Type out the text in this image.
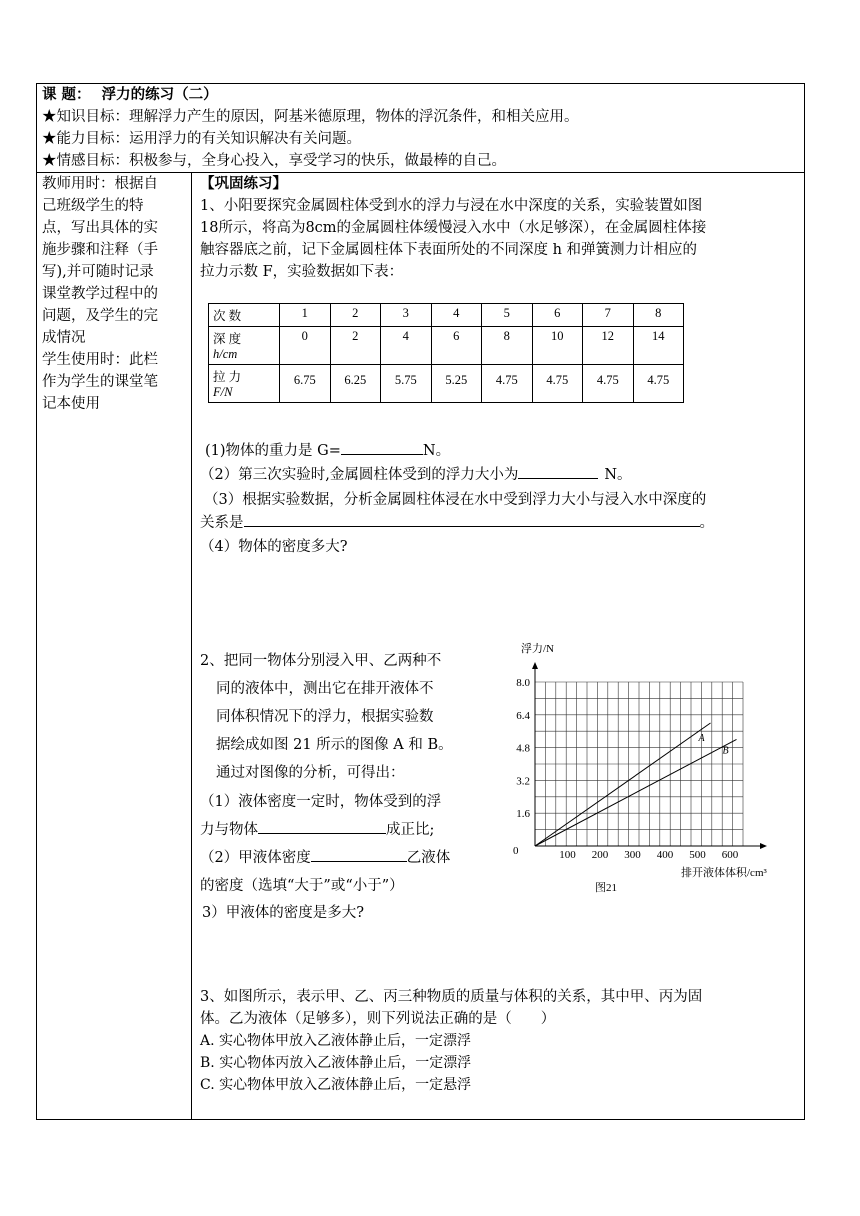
课 题： 浮力的练习（二）
★知识目标：理解浮力产生的原因，阿基米德原理，物体的浮沉条件，和相关应用。
★能力目标：运用浮力的有关知识解决有关问题。
★情感目标：积极参与，全身心投入，享受学习的快乐，做最棒的自己。
教师用时：根据自
己班级学生的特
点，写出具体的实
施步骤和注释（手
写),并可随时记录
课堂教学过程中的
问题，及学生的完
成情况
学生使用时：此栏
作为学生的课堂笔
记本使用
【巩固练习】
1、小阳要探究金属圆柱体受到水的浮力与浸在水中深度的关系，实验装置如图
18所示，将高为8cm的金属圆柱体缓慢浸入水中（水足够深），在金属圆柱体接
触容器底之前，记下金属圆柱体下表面所处的不同深度 h 和弹簧测力计相应的
拉力示数 F，实验数据如下表：
次 数	1	2	3	4	5	6	7	8

深 度
h/cm	0	2	4	6	8	10	12	14

拉 力
F/N	6.75	6.25	5.75	5.25	4.75	4.75	4.75	4.75
(1)物体的重力是 G=	N。
（2）第三次实验时,金属圆柱体受到的浮力大小为	N。
（3）根据实验数据，分析金属圆柱体浸在水中受到浮力大小与浸入水中深度的
关系是	。
（4）物体的密度多大?
2、把同一物体分别浸入甲、乙两种不
同的液体中，测出它在排开液体不
同体积情况下的浮力，根据实验数
据绘成如图 21 所示的图像 A 和 B。
通过对图像的分析，可得出：
（1）液体密度一定时，物体受到的浮
力与物体	成正比;
（2）甲液体密度	乙液体
的密度（选填“大于”或“小于”）
3）甲液体的密度是多大?
浮力/N
1.6
3.2
4.8
6.4
8.0
0	100 200 300 400 500 600
排开液体体积/cm³
图21
A
B
3、如图所示，表示甲、乙、丙三种物质的质量与体积的关系，其中甲、丙为固
体。乙为液体（足够多），则下列说法正确的是（　　）
A. 实心物体甲放入乙液体静止后，一定漂浮
B. 实心物体丙放入乙液体静止后，一定漂浮
C. 实心物体甲放入乙液体静止后，一定悬浮
